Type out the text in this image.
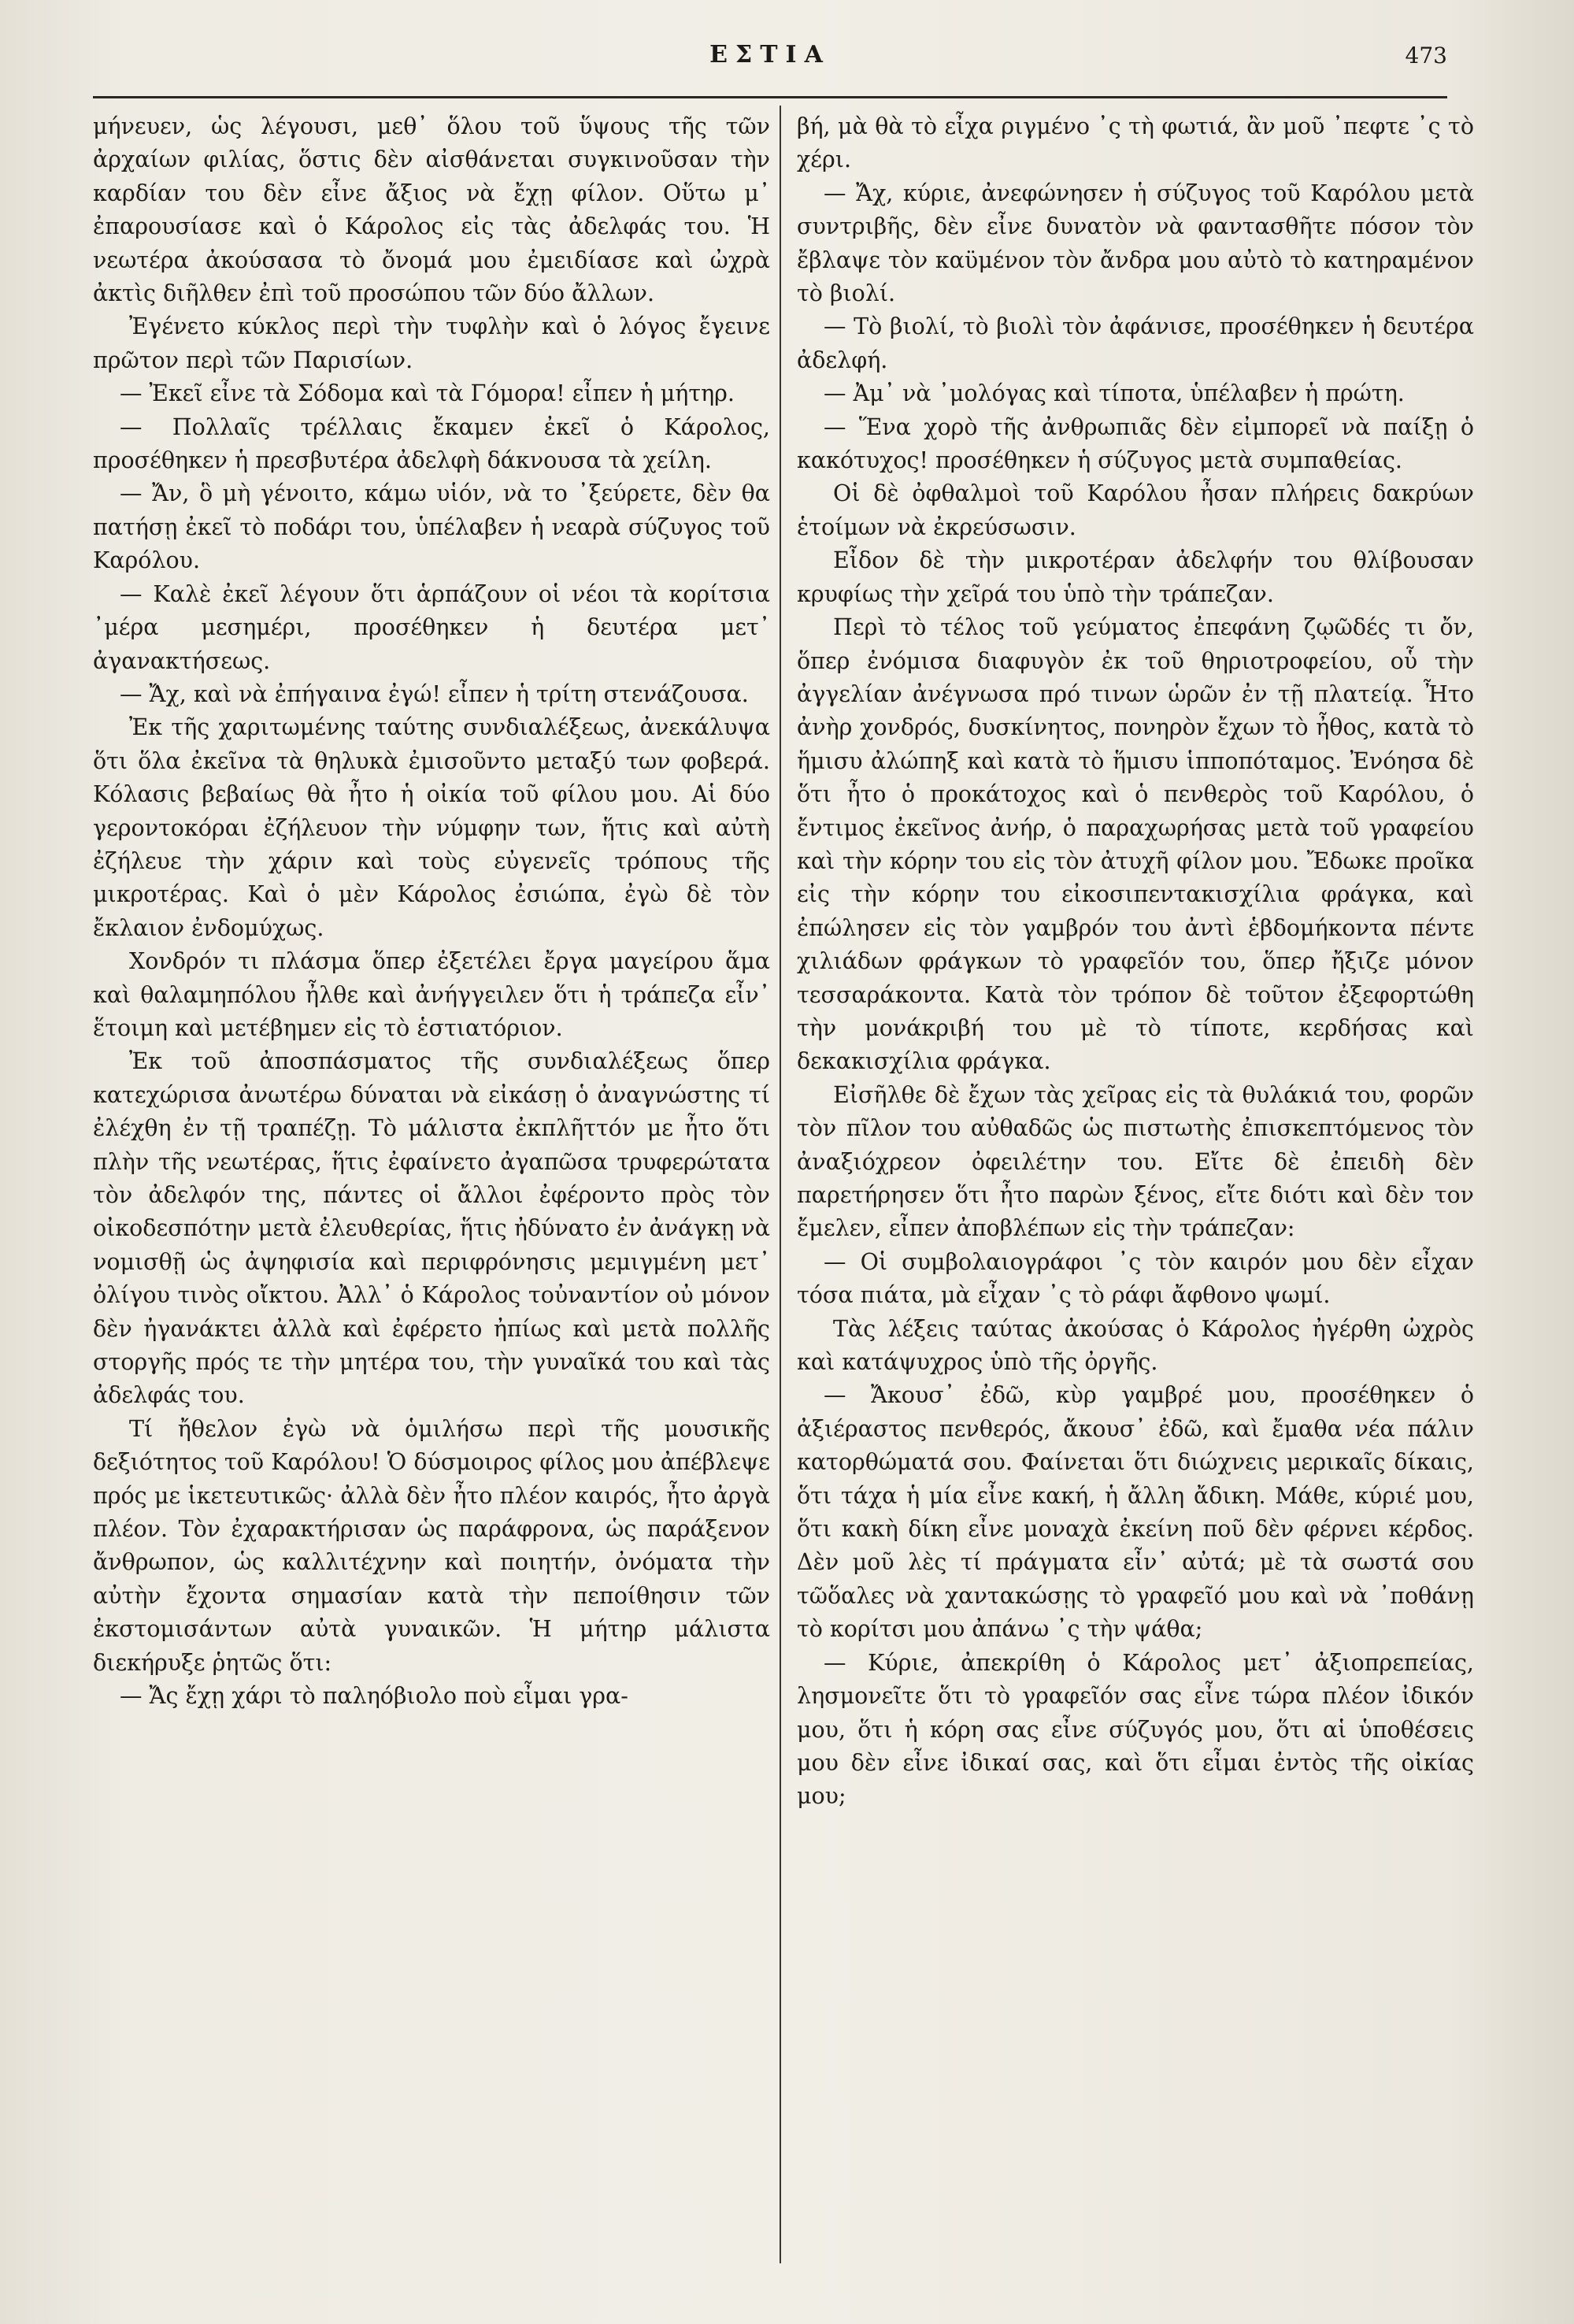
ΕΣΤΙΑ	473

μήνευεν, ὡς λέγουσι, μεθ᾽ ὅλου τοῦ ὕψους τῆς τῶν ἀρχαίων φιλίας, ὅστις δὲν αἰσθάνεται συγκινοῦσαν τὴν καρδίαν του δὲν εἶνε ἄξιος νὰ ἔχῃ φίλον. Οὕτω μ᾽ ἐπαρουσίασε καὶ ὁ Κάρολος εἰς τὰς ἀδελφάς του. Ἡ νεωτέρα ἀκούσασα τὸ ὄνομά μου ἐμειδίασε καὶ ὠχρὰ ἀκτὶς διῆλθεν ἐπὶ τοῦ προσώπου τῶν δύο ἄλλων.

Ἐγένετο κύκλος περὶ τὴν τυφλὴν καὶ ὁ λόγος ἔγεινε πρῶτον περὶ τῶν Παρισίων.

— Ἐκεῖ εἶνε τὰ Σόδομα καὶ τὰ Γόμορα! εἶπεν ἡ μήτηρ.

— Πολλαῖς τρέλλαις ἔκαμεν ἐκεῖ ὁ Κάρολος, προσέθηκεν ἡ πρεσβυτέρα ἀδελφὴ δάκνουσα τὰ χείλη.

— Ἄν, ὃ μὴ γένοιτο, κάμω υἱόν, νὰ το ᾽ξεύρετε, δὲν θα πατήσῃ ἐκεῖ τὸ ποδάρι του, ὑπέλαβεν ἡ νεαρὰ σύζυγος τοῦ Καρόλου.

— Καλὲ ἐκεῖ λέγουν ὅτι ἁρπάζουν οἱ νέοι τὰ κορίτσια ᾽μέρα μεσημέρι, προσέθηκεν ἡ δευτέρα μετ᾽ ἀγανακτήσεως.

— Ἄχ, καὶ νὰ ἐπήγαινα ἐγώ! εἶπεν ἡ τρίτη στενάζουσα.

Ἐκ τῆς χαριτωμένης ταύτης συνδιαλέξεως, ἀνεκάλυψα ὅτι ὅλα ἐκεῖνα τὰ θηλυκὰ ἐμισοῦντο μεταξύ των φοβερά. Κόλασις βεβαίως θὰ ἦτο ἡ οἰκία τοῦ φίλου μου. Αἱ δύο γεροντοκόραι ἐζήλευον τὴν νύμφην των, ἥτις καὶ αὐτὴ ἐζήλευε τὴν χάριν καὶ τοὺς εὐγενεῖς τρόπους τῆς μικροτέρας. Καὶ ὁ μὲν Κάρολος ἐσιώπα, ἐγὼ δὲ τὸν ἔκλαιον ἐνδομύχως.

Χονδρόν τι πλάσμα ὅπερ ἐξετέλει ἔργα μαγείρου ἅμα καὶ θαλαμηπόλου ἦλθε καὶ ἀνήγγειλεν ὅτι ἡ τράπεζα εἶν᾽ ἕτοιμη καὶ μετέβημεν εἰς τὸ ἑστιατόριον.

Ἐκ τοῦ ἀποσπάσματος τῆς συνδιαλέξεως ὅπερ κατεχώρισα ἀνωτέρω δύναται νὰ εἰκάσῃ ὁ ἀναγνώστης τί ἐλέχθη ἐν τῇ τραπέζῃ. Τὸ μάλιστα ἐκπλῆττόν με ἦτο ὅτι πλὴν τῆς νεωτέρας, ἥτις ἐφαίνετο ἀγαπῶσα τρυφερώτατα τὸν ἀδελφόν της, πάντες οἱ ἄλλοι ἐφέροντο πρὸς τὸν οἰκοδεσπότην μετὰ ἐλευθερίας, ἥτις ἠδύνατο ἐν ἀνάγκῃ νὰ νομισθῇ ὡς ἀψηφισία καὶ περιφρόνησις μεμιγμένη μετ᾽ ὀλίγου τινὸς οἴκτου. Ἀλλ᾽ ὁ Κάρολος τοὐναντίον οὐ μόνον δὲν ἠγανάκτει ἀλλὰ καὶ ἐφέρετο ἠπίως καὶ μετὰ πολλῆς στοργῆς πρός τε τὴν μητέρα του, τὴν γυναῖκά του καὶ τὰς ἀδελφάς του.

Τί ἤθελον ἐγὼ νὰ ὁμιλήσω περὶ τῆς μουσικῆς δεξιότητος τοῦ Καρόλου! Ὁ δύσμοιρος φίλος μου ἀπέβλεψε πρός με ἱκετευτικῶς· ἀλλὰ δὲν ἦτο πλέον καιρός, ἦτο ἀργὰ πλέον. Τὸν ἐχαρακτήρισαν ὡς παράφρονα, ὡς παράξενον ἄνθρωπον, ὡς καλλιτέχνην καὶ ποιητήν, ὀνόματα τὴν αὐτὴν ἔχοντα σημασίαν κατὰ τὴν πεποίθησιν τῶν ἐκστομισάντων αὐτὰ γυναικῶν. Ἡ μήτηρ μάλιστα διεκήρυξε ῥητῶς ὅτι:

— Ἄς ἔχῃ χάρι τὸ παληόβιολο ποὺ εἶμαι γρα-

βή, μὰ θὰ τὸ εἶχα ριγμένο ᾽ς τὴ φωτιά, ἂν μοῦ ᾽πεφτε ᾽ς τὸ χέρι.

— Ἄχ, κύριε, ἀνεφώνησεν ἡ σύζυγος τοῦ Καρόλου μετὰ συντριβῆς, δὲν εἶνε δυνατὸν νὰ φαντασθῆτε πόσον τὸν ἔβλαψε τὸν καϋμένον τὸν ἄνδρα μου αὐτὸ τὸ κατηραμένον τὸ βιολί.

— Τὸ βιολί, τὸ βιολὶ τὸν ἀφάνισε, προσέθηκεν ἡ δευτέρα ἀδελφή.

— Ἀμ᾽ νὰ ᾽μολόγας καὶ τίποτα, ὑπέλαβεν ἡ πρώτη.

— Ἕνα χορὸ τῆς ἀνθρωπιᾶς δὲν εἰμπορεῖ νὰ παίξῃ ὁ κακότυχος! προσέθηκεν ἡ σύζυγος μετὰ συμπαθείας.

Οἱ δὲ ὀφθαλμοὶ τοῦ Καρόλου ἦσαν πλήρεις δακρύων ἑτοίμων νὰ ἐκρεύσωσιν.

Εἶδον δὲ τὴν μικροτέραν ἀδελφήν του θλίβουσαν κρυφίως τὴν χεῖρά του ὑπὸ τὴν τράπεζαν.

Περὶ τὸ τέλος τοῦ γεύματος ἐπεφάνη ζῳῶδές τι ὄν, ὅπερ ἐνόμισα διαφυγὸν ἐκ τοῦ θηριοτροφείου, οὗ τὴν ἀγγελίαν ἀνέγνωσα πρό τινων ὡρῶν ἐν τῇ πλατείᾳ. Ἦτο ἀνὴρ χονδρός, δυσκίνητος, πονηρὸν ἔχων τὸ ἦθος, κατὰ τὸ ἥμισυ ἀλώπηξ καὶ κατὰ τὸ ἥμισυ ἱπποπόταμος. Ἐνόησα δὲ ὅτι ἦτο ὁ προκάτοχος καὶ ὁ πενθερὸς τοῦ Καρόλου, ὁ ἔντιμος ἐκεῖνος ἀνήρ, ὁ παραχωρήσας μετὰ τοῦ γραφείου καὶ τὴν κόρην του εἰς τὸν ἀτυχῆ φίλον μου. Ἔδωκε προῖκα εἰς τὴν κόρην του εἰκοσιπεντακισχίλια φράγκα, καὶ ἐπώλησεν εἰς τὸν γαμβρόν του ἀντὶ ἑβδομήκοντα πέντε χιλιάδων φράγκων τὸ γραφεῖόν του, ὅπερ ἤξιζε μόνον τεσσαράκοντα. Κατὰ τὸν τρόπον δὲ τοῦτον ἐξεφορτώθη τὴν μονάκριβή του μὲ τὸ τίποτε, κερδήσας καὶ δεκακισχίλια φράγκα.

Εἰσῆλθε δὲ ἔχων τὰς χεῖρας εἰς τὰ θυλάκιά του, φορῶν τὸν πῖλον του αὐθαδῶς ὡς πιστωτὴς ἐπισκεπτόμενος τὸν ἀναξιόχρεον ὀφειλέτην του. Εἴτε δὲ ἐπειδὴ δὲν παρετήρησεν ὅτι ἦτο παρὼν ξένος, εἴτε διότι καὶ δὲν τον ἔμελεν, εἶπεν ἀποβλέπων εἰς τὴν τράπεζαν:

— Οἱ συμβολαιογράφοι ᾽ς τὸν καιρόν μου δὲν εἶχαν τόσα πιάτα, μὰ εἶχαν ᾽ς τὸ ράφι ἄφθονο ψωμί.

Τὰς λέξεις ταύτας ἀκούσας ὁ Κάρολος ἠγέρθη ὠχρὸς καὶ κατάψυχρος ὑπὸ τῆς ὀργῆς.

— Ἄκουσ᾽ ἐδῶ, κὺρ γαμβρέ μου, προσέθηκεν ὁ ἀξιέραστος πενθερός, ἄκουσ᾽ ἐδῶ, καὶ ἔμαθα νέα πάλιν κατορθώματά σου. Φαίνεται ὅτι διώχνεις μερικαῖς δίκαις, ὅτι τάχα ἡ μία εἶνε κακή, ἡ ἄλλη ἄδικη. Μάθε, κύριέ μου, ὅτι κακὴ δίκη εἶνε μοναχὰ ἐκείνη ποῦ δὲν φέρνει κέρδος. Δὲν μοῦ λὲς τί πράγματα εἶν᾽ αὐτά; μὲ τὰ σωστά σου τῶὅαλες νὰ χαντακώσῃς τὸ γραφεῖό μου καὶ νὰ ᾽ποθάνῃ τὸ κορίτσι μου ἀπάνω ᾽ς τὴν ψάθα;

— Κύριε, ἀπεκρίθη ὁ Κάρολος μετ᾽ ἀξιοπρεπείας, λησμονεῖτε ὅτι τὸ γραφεῖόν σας εἶνε τώρα πλέον ἰδικόν μου, ὅτι ἡ κόρη σας εἶνε σύζυγός μου, ὅτι αἱ ὑποθέσεις μου δὲν εἶνε ἰδικαί σας, καὶ ὅτι εἶμαι ἐντὸς τῆς οἰκίας μου;
